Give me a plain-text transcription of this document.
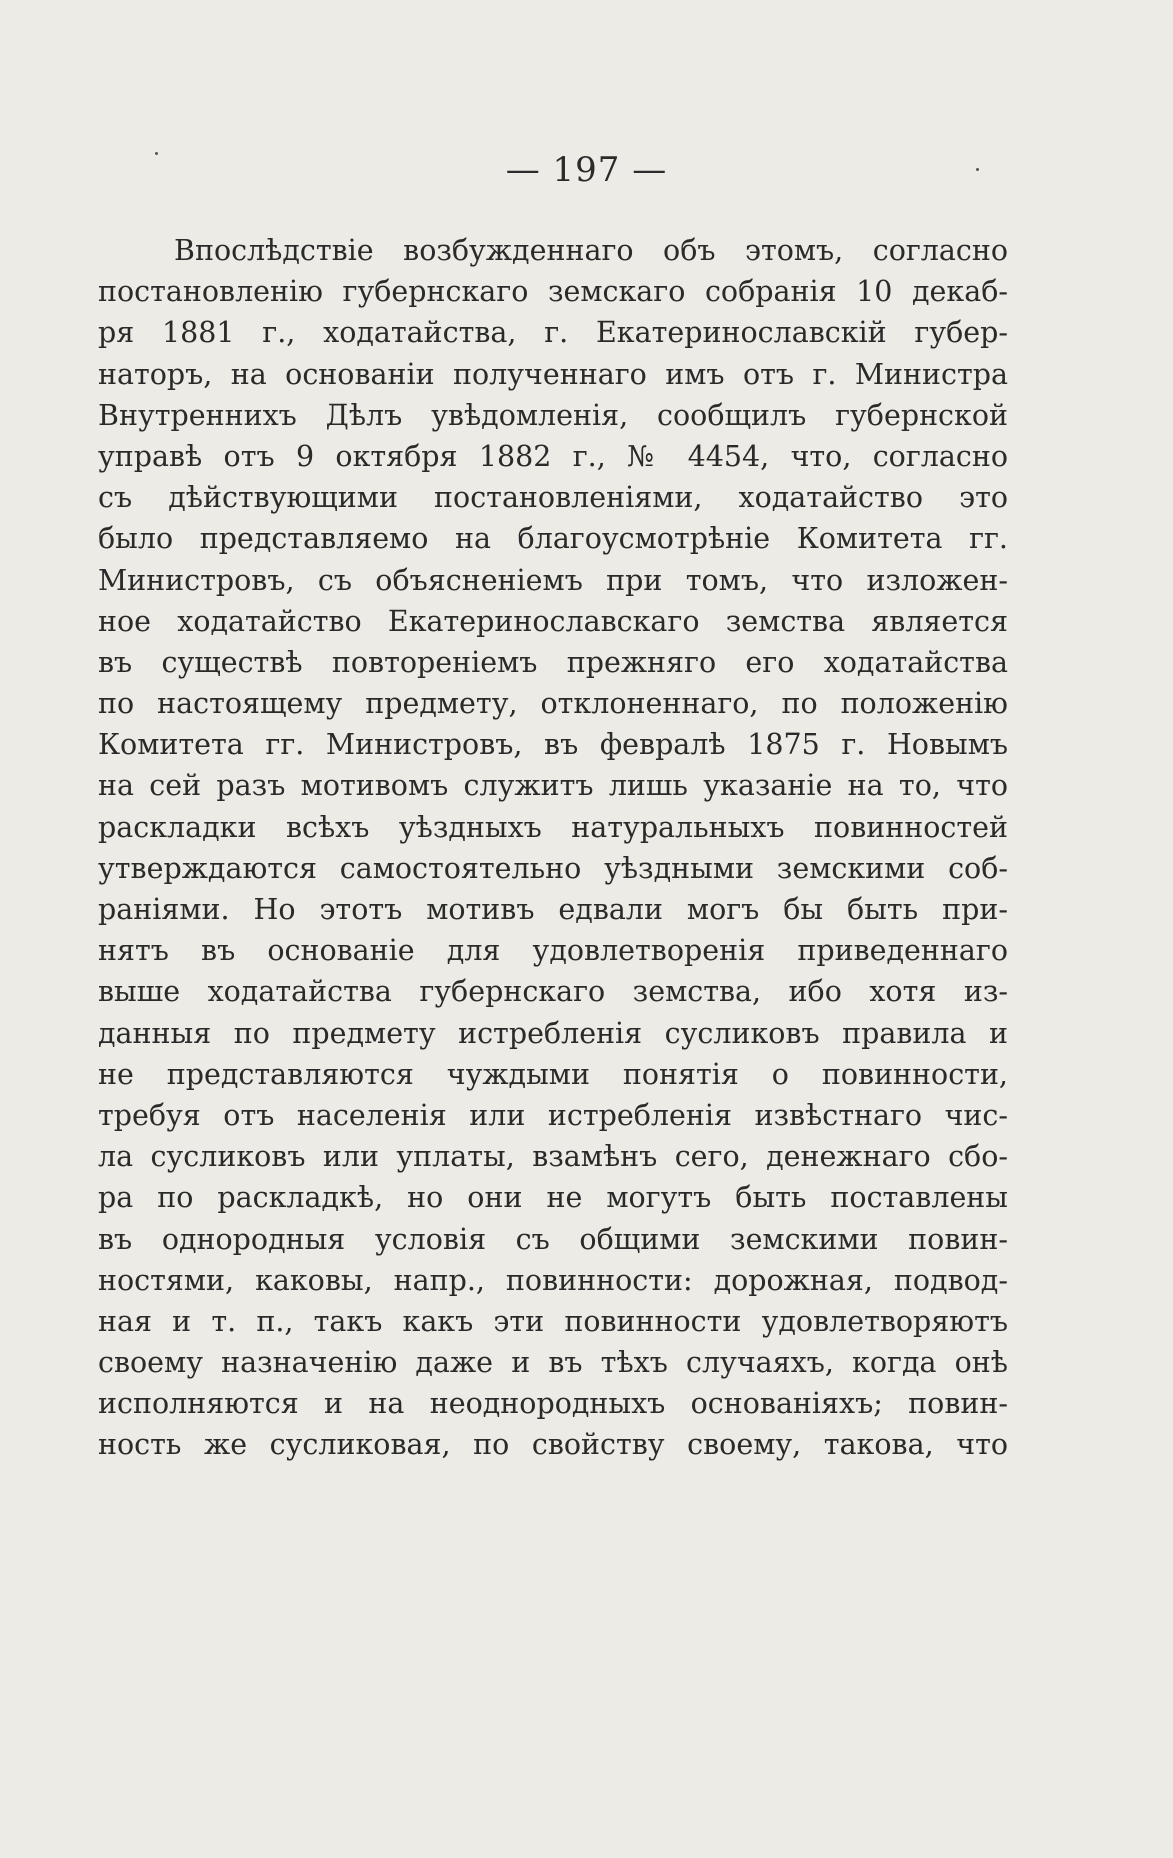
— 197 —
Впослѣдствіе возбужденнаго объ этомъ, согласно
постановленію губернскаго земскаго собранія 10 декаб-
ря 1881 г., ходатайства, г. Екатеринославскій губер-
наторъ, на основаніи полученнаго имъ отъ г. Министра
Внутреннихъ Дѣлъ увѣдомленія, сообщилъ губернской
управѣ отъ 9 октября 1882 г., № 4454, что, согласно
съ дѣйствующими постановленіями, ходатайство это
было представляемо на благоусмотрѣніе Комитета гг.
Министровъ, съ объясненіемъ при томъ, что изложен-
ное ходатайство Екатеринославскаго земства является
въ существѣ повтореніемъ прежняго его ходатайства
по настоящему предмету, отклоненнаго, по положенію
Комитета гг. Министровъ, въ февралѣ 1875 г. Новымъ
на сей разъ мотивомъ служитъ лишь указаніе на то, что
раскладки всѣхъ уѣздныхъ натуральныхъ повинностей
утверждаются самостоятельно уѣздными земскими соб-
раніями. Но этотъ мотивъ едвали могъ бы быть при-
нятъ въ основаніе для удовлетворенія приведеннаго
выше ходатайства губернскаго земства, ибо хотя из-
данныя по предмету истребленія сусликовъ правила и
не представляются чуждыми понятія о повинности,
требуя отъ населенія или истребленія извѣстнаго чис-
ла сусликовъ или уплаты, взамѣнъ сего, денежнаго сбо-
ра по раскладкѣ, но они не могутъ быть поставлены
въ однородныя условія съ общими земскими повин-
ностями, каковы, напр., повинности: дорожная, подвод-
ная и т. п., такъ какъ эти повинности удовлетворяютъ
своему назначенію даже и въ тѣхъ случаяхъ, когда онѣ
исполняются и на неоднородныхъ основаніяхъ; повин-
ность же сусликовая, по свойству своему, такова, что
